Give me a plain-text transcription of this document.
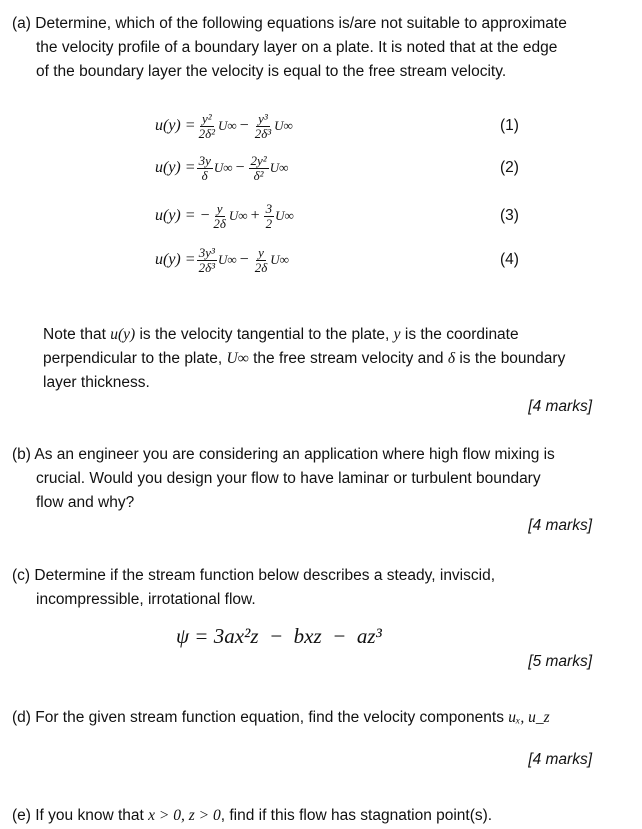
(a) Determine, which of the following equations is/are not suitable to approximate
the velocity profile of a boundary layer on a plate. It is noted that at the edge
of the boundary layer the velocity is equal to the free stream velocity.
$u(y) = \frac{\text{y²}}{\text{2δ²}} U\infty - \frac{\text{y³}}{\text{2δ³}} U\infty$	(1)
$u(y) = \frac{3y}{\delta} U\infty - \frac{\text{2y²}}{\text{δ²}} U\infty$	(2)
u(y) = − $\frac{y}{2\delta} U\infty + \frac{3}{2} U\infty$	(3)
$u(y) = \frac{\text{3y³}}{\text{2δ³}} U\infty - \frac{y}{2\delta} U\infty$	(4)
Note that u(y) is the velocity tangential to the plate, y is the coordinate
perpendicular to the plate, U∞ the free stream velocity and δ is the boundary
layer thickness.
[4 marks]
(b) As an engineer you are considering an application where high flow mixing is
crucial. Would you design your flow to have laminar or turbulent boundary
flow and why?
[4 marks]
(c) Determine if the stream function below describes a steady, inviscid,
incompressible, irrotational flow.
ψ = 3ax²z  −  bxz  −  az³
[5 marks]
(d) For the given stream function equation, find the velocity components uₓ, u_z
[4 marks]
(e) If you know that x > 0, z > 0, find if this flow has stagnation point(s).
